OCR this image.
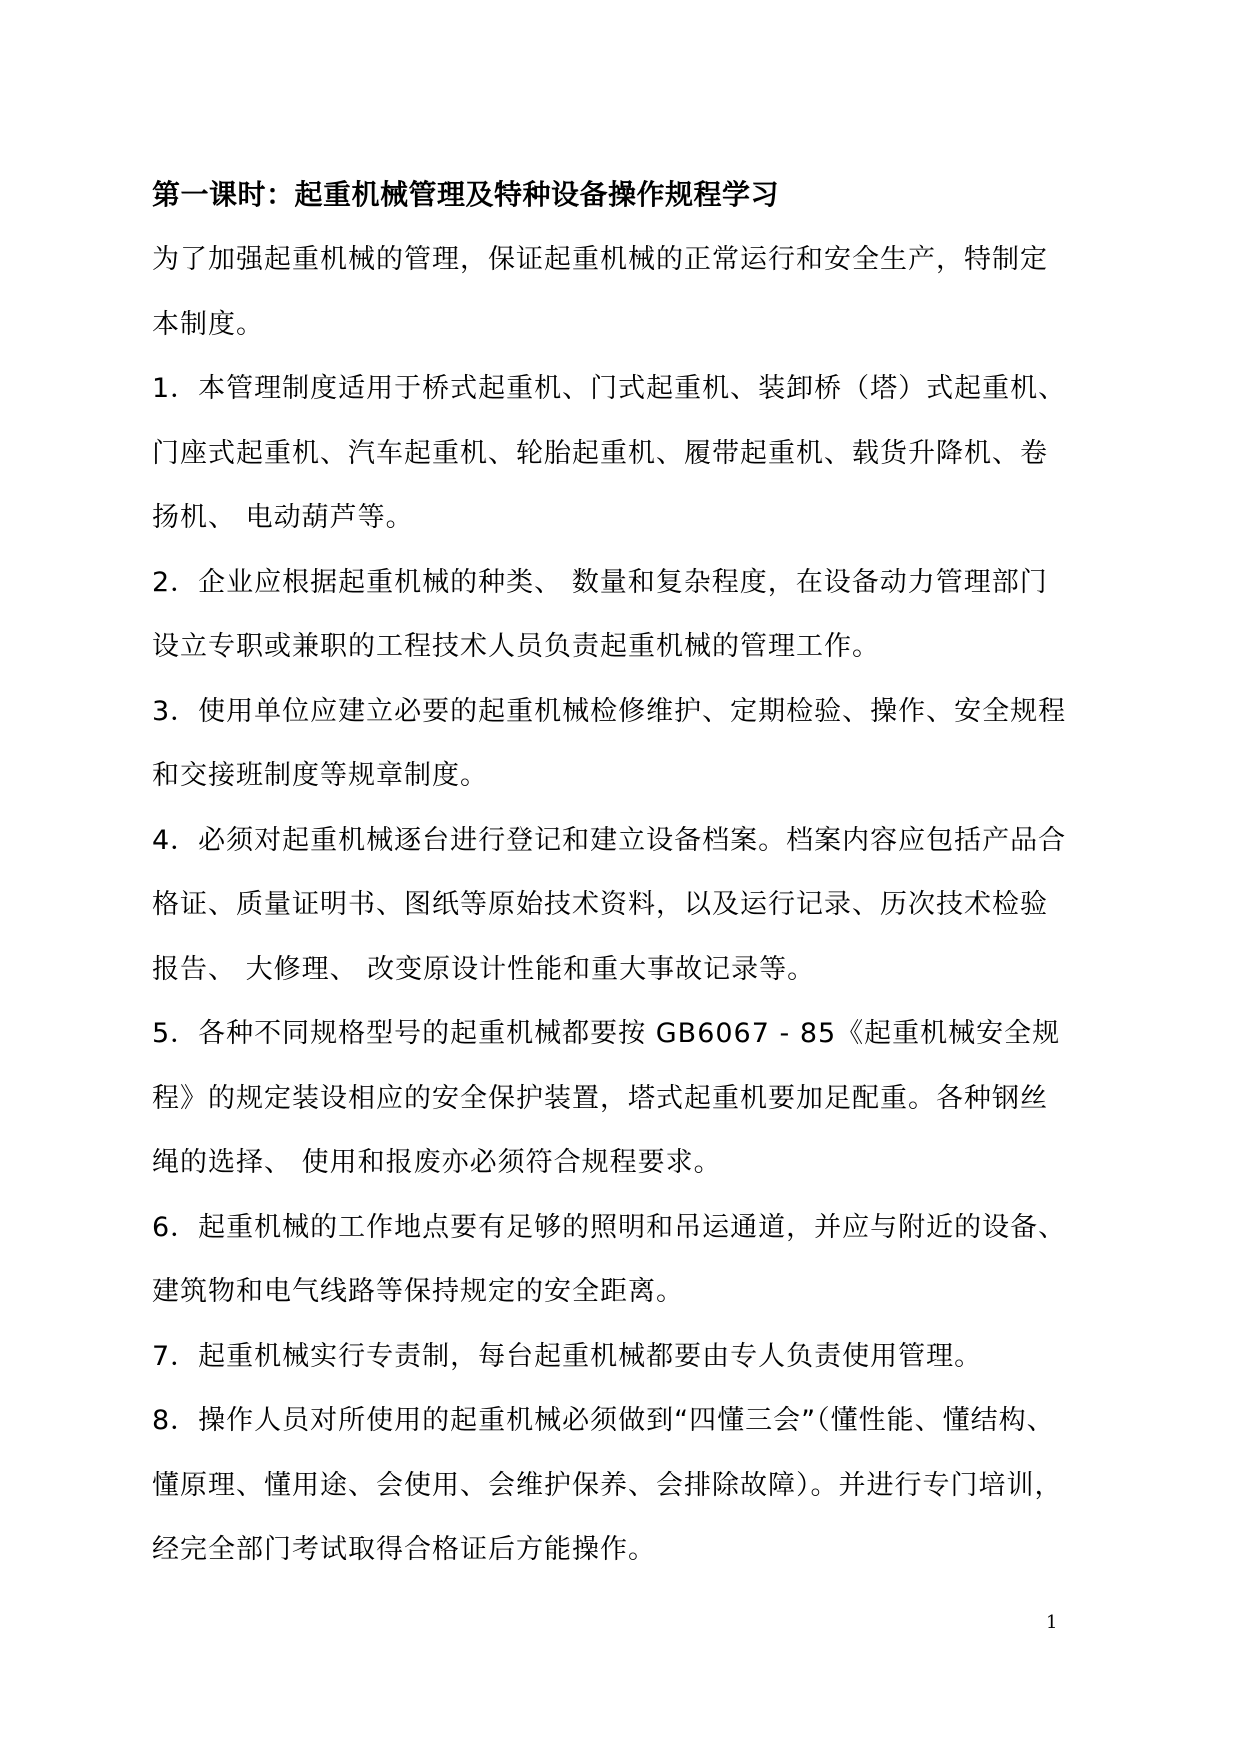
第一课时：起重机械管理及特种设备操作规程学习

为了加强起重机械的管理，保证起重机械的正常运行和安全生产，特制定本制度。

1．本管理制度适用于桥式起重机、门式起重机、装卸桥（塔）式起重机、门座式起重机、汽车起重机、轮胎起重机、履带起重机、载货升降机、卷扬机、 电动葫芦等。

2．企业应根据起重机械的种类、 数量和复杂程度，在设备动力管理部门设立专职或兼职的工程技术人员负责起重机械的管理工作。

3．使用单位应建立必要的起重机械检修维护、定期检验、操作、安全规程和交接班制度等规章制度。

4．必须对起重机械逐台进行登记和建立设备档案。档案内容应包括产品合格证、质量证明书、图纸等原始技术资料，以及运行记录、历次技术检验报告、 大修理、 改变原设计性能和重大事故记录等。

5．各种不同规格型号的起重机械都要按 GB6067 - 85《起重机械安全规程》的规定装设相应的安全保护装置，塔式起重机要加足配重。各种钢丝绳的选择、 使用和报废亦必须符合规程要求。

6．起重机械的工作地点要有足够的照明和吊运通道，并应与附近的设备、 建筑物和电气线路等保持规定的安全距离。

7．起重机械实行专责制，每台起重机械都要由专人负责使用管理。

8．操作人员对所使用的起重机械必须做到“四懂三会”（懂性能、懂结构、懂原理、懂用途、会使用、会维护保养、会排除故障）。并进行专门培训，经完全部门考试取得合格证后方能操作。

1
